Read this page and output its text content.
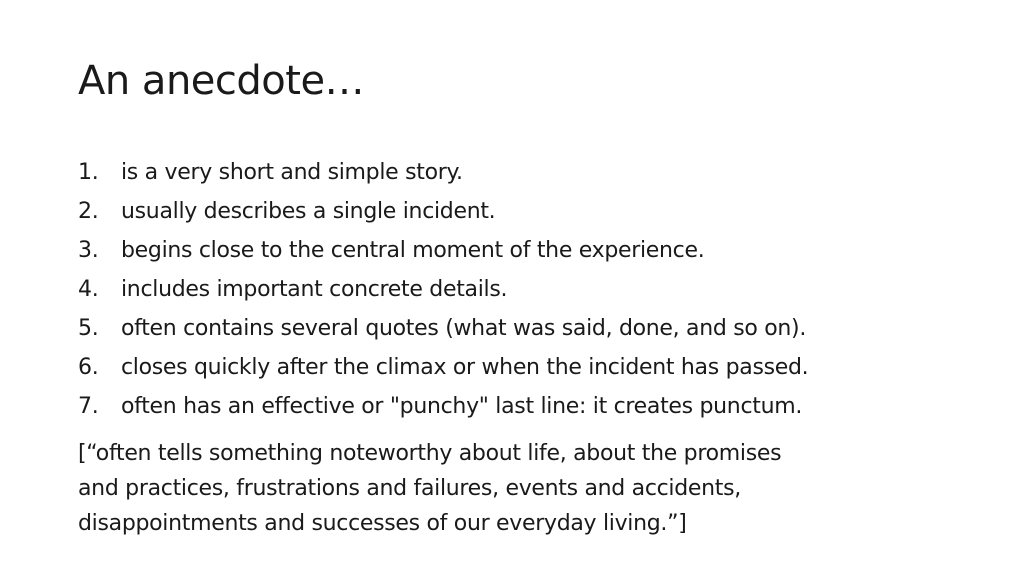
An anecdote…
1.	is a very short and simple story.
2.	usually describes a single incident.
3.	begins close to the central moment of the experience.
4.	includes important concrete details.
5.	often contains several quotes (what was said, done, and so on).
6.	closes quickly after the climax or when the incident has passed.
7.	often has an effective or "punchy" last line: it creates punctum.

[“often tells something noteworthy about life, about the promises
and practices, frustrations and failures, events and accidents,
disappointments and successes of our everyday living.”]
